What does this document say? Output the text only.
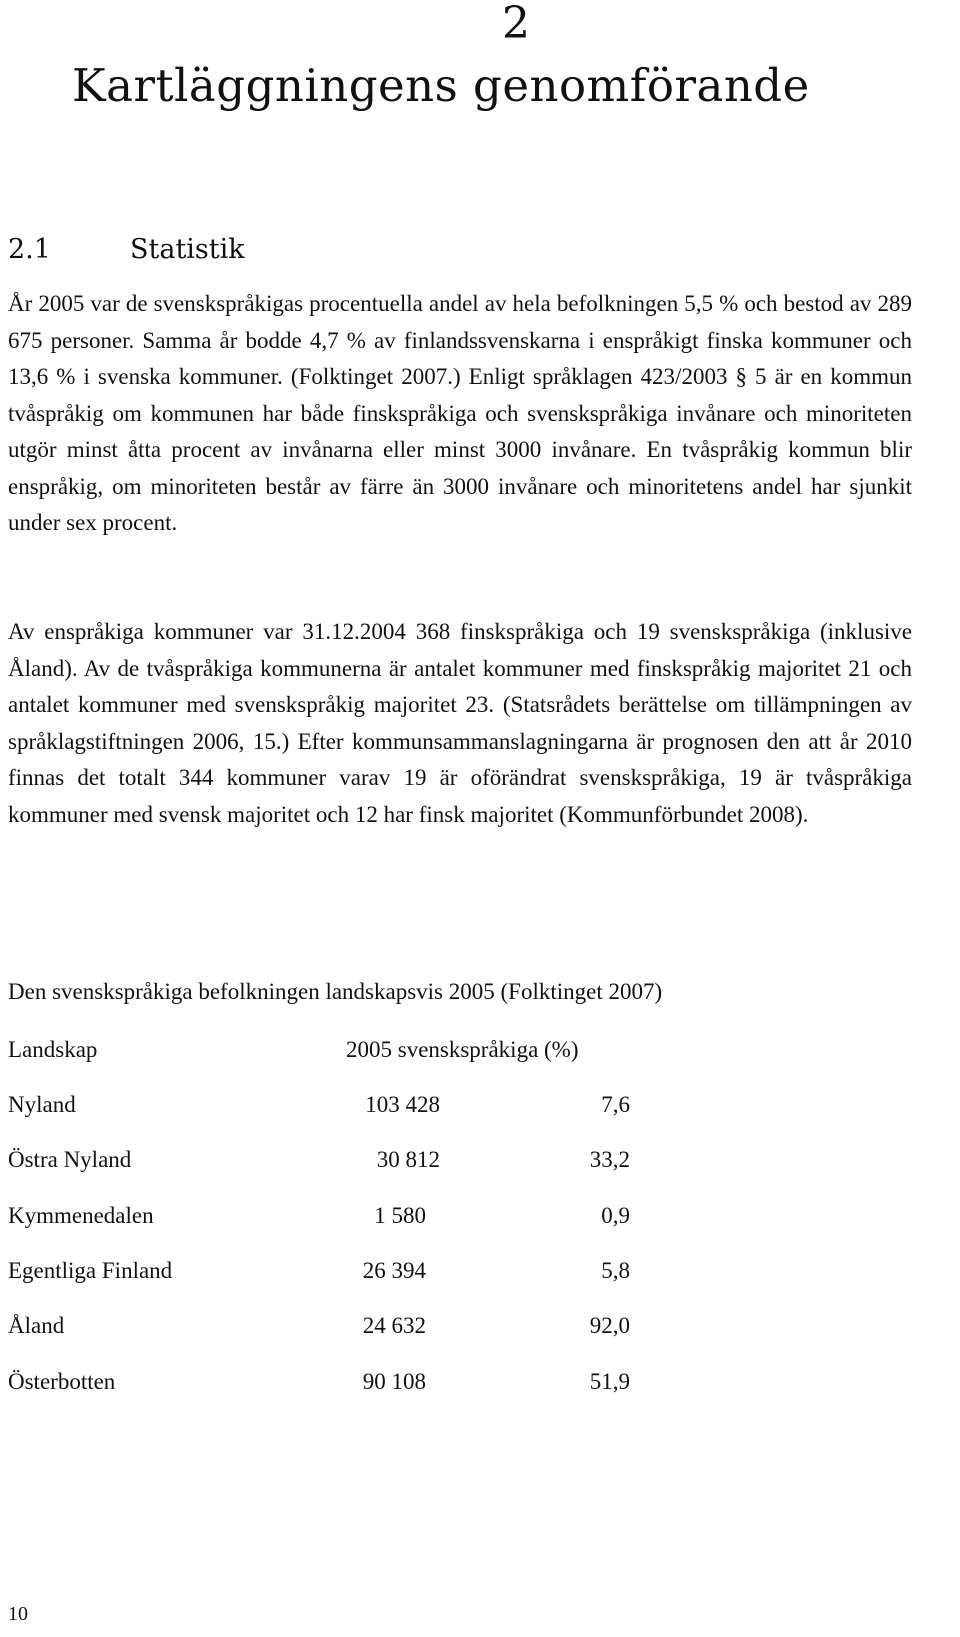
2
Kartläggningens genomförande
2.1	Statistik

År 2005 var de svenskspråkigas procentuella andel av hela befolkningen 5,5 % och bestod av 289 675 personer. Samma år bodde 4,7 % av finlandssvenskarna i enspråkigt finska kommuner och 13,6 % i svenska kommuner. (Folktinget 2007.) Enligt språklagen 423/2003 § 5 är en kommun tvåspråkig om kommunen har både finskspråkiga och svenskspråkiga invånare och minoriteten utgör minst åtta procent av invånarna eller minst 3000 invånare. En tvåspråkig kommun blir enspråkig, om minoriteten består av färre än 3000 invånare och minoritetens andel har sjunkit under sex procent.

Av enspråkiga kommuner var 31.12.2004 368 finskspråkiga och 19 svenskspråkiga (inklusive Åland). Av de tvåspråkiga kommunerna är antalet kommuner med finskspråkig majoritet 21 och antalet kommuner med svenskspråkig majoritet 23. (Statsrådets berättelse om tillämpningen av språklagstiftningen 2006, 15.) Efter kommunsammanslagningarna är prognosen den att år 2010 finnas det totalt 344 kommuner varav 19 är oförändrat svenskspråkiga, 19 är tvåspråkiga kommuner med svensk majoritet och 12 har finsk majoritet (Kommunförbundet 2008).

Den svenskspråkiga befolkningen landskapsvis 2005 (Folktinget 2007)
Landskap	2005 svenskspråkiga (%)
Nyland	103 428	7,6
Östra Nyland	30 812	33,2
Kymmenedalen	1 580	0,9
Egentliga Finland	26 394	5,8
Åland	24 632	92,0
Österbotten	90 108	51,9
10
